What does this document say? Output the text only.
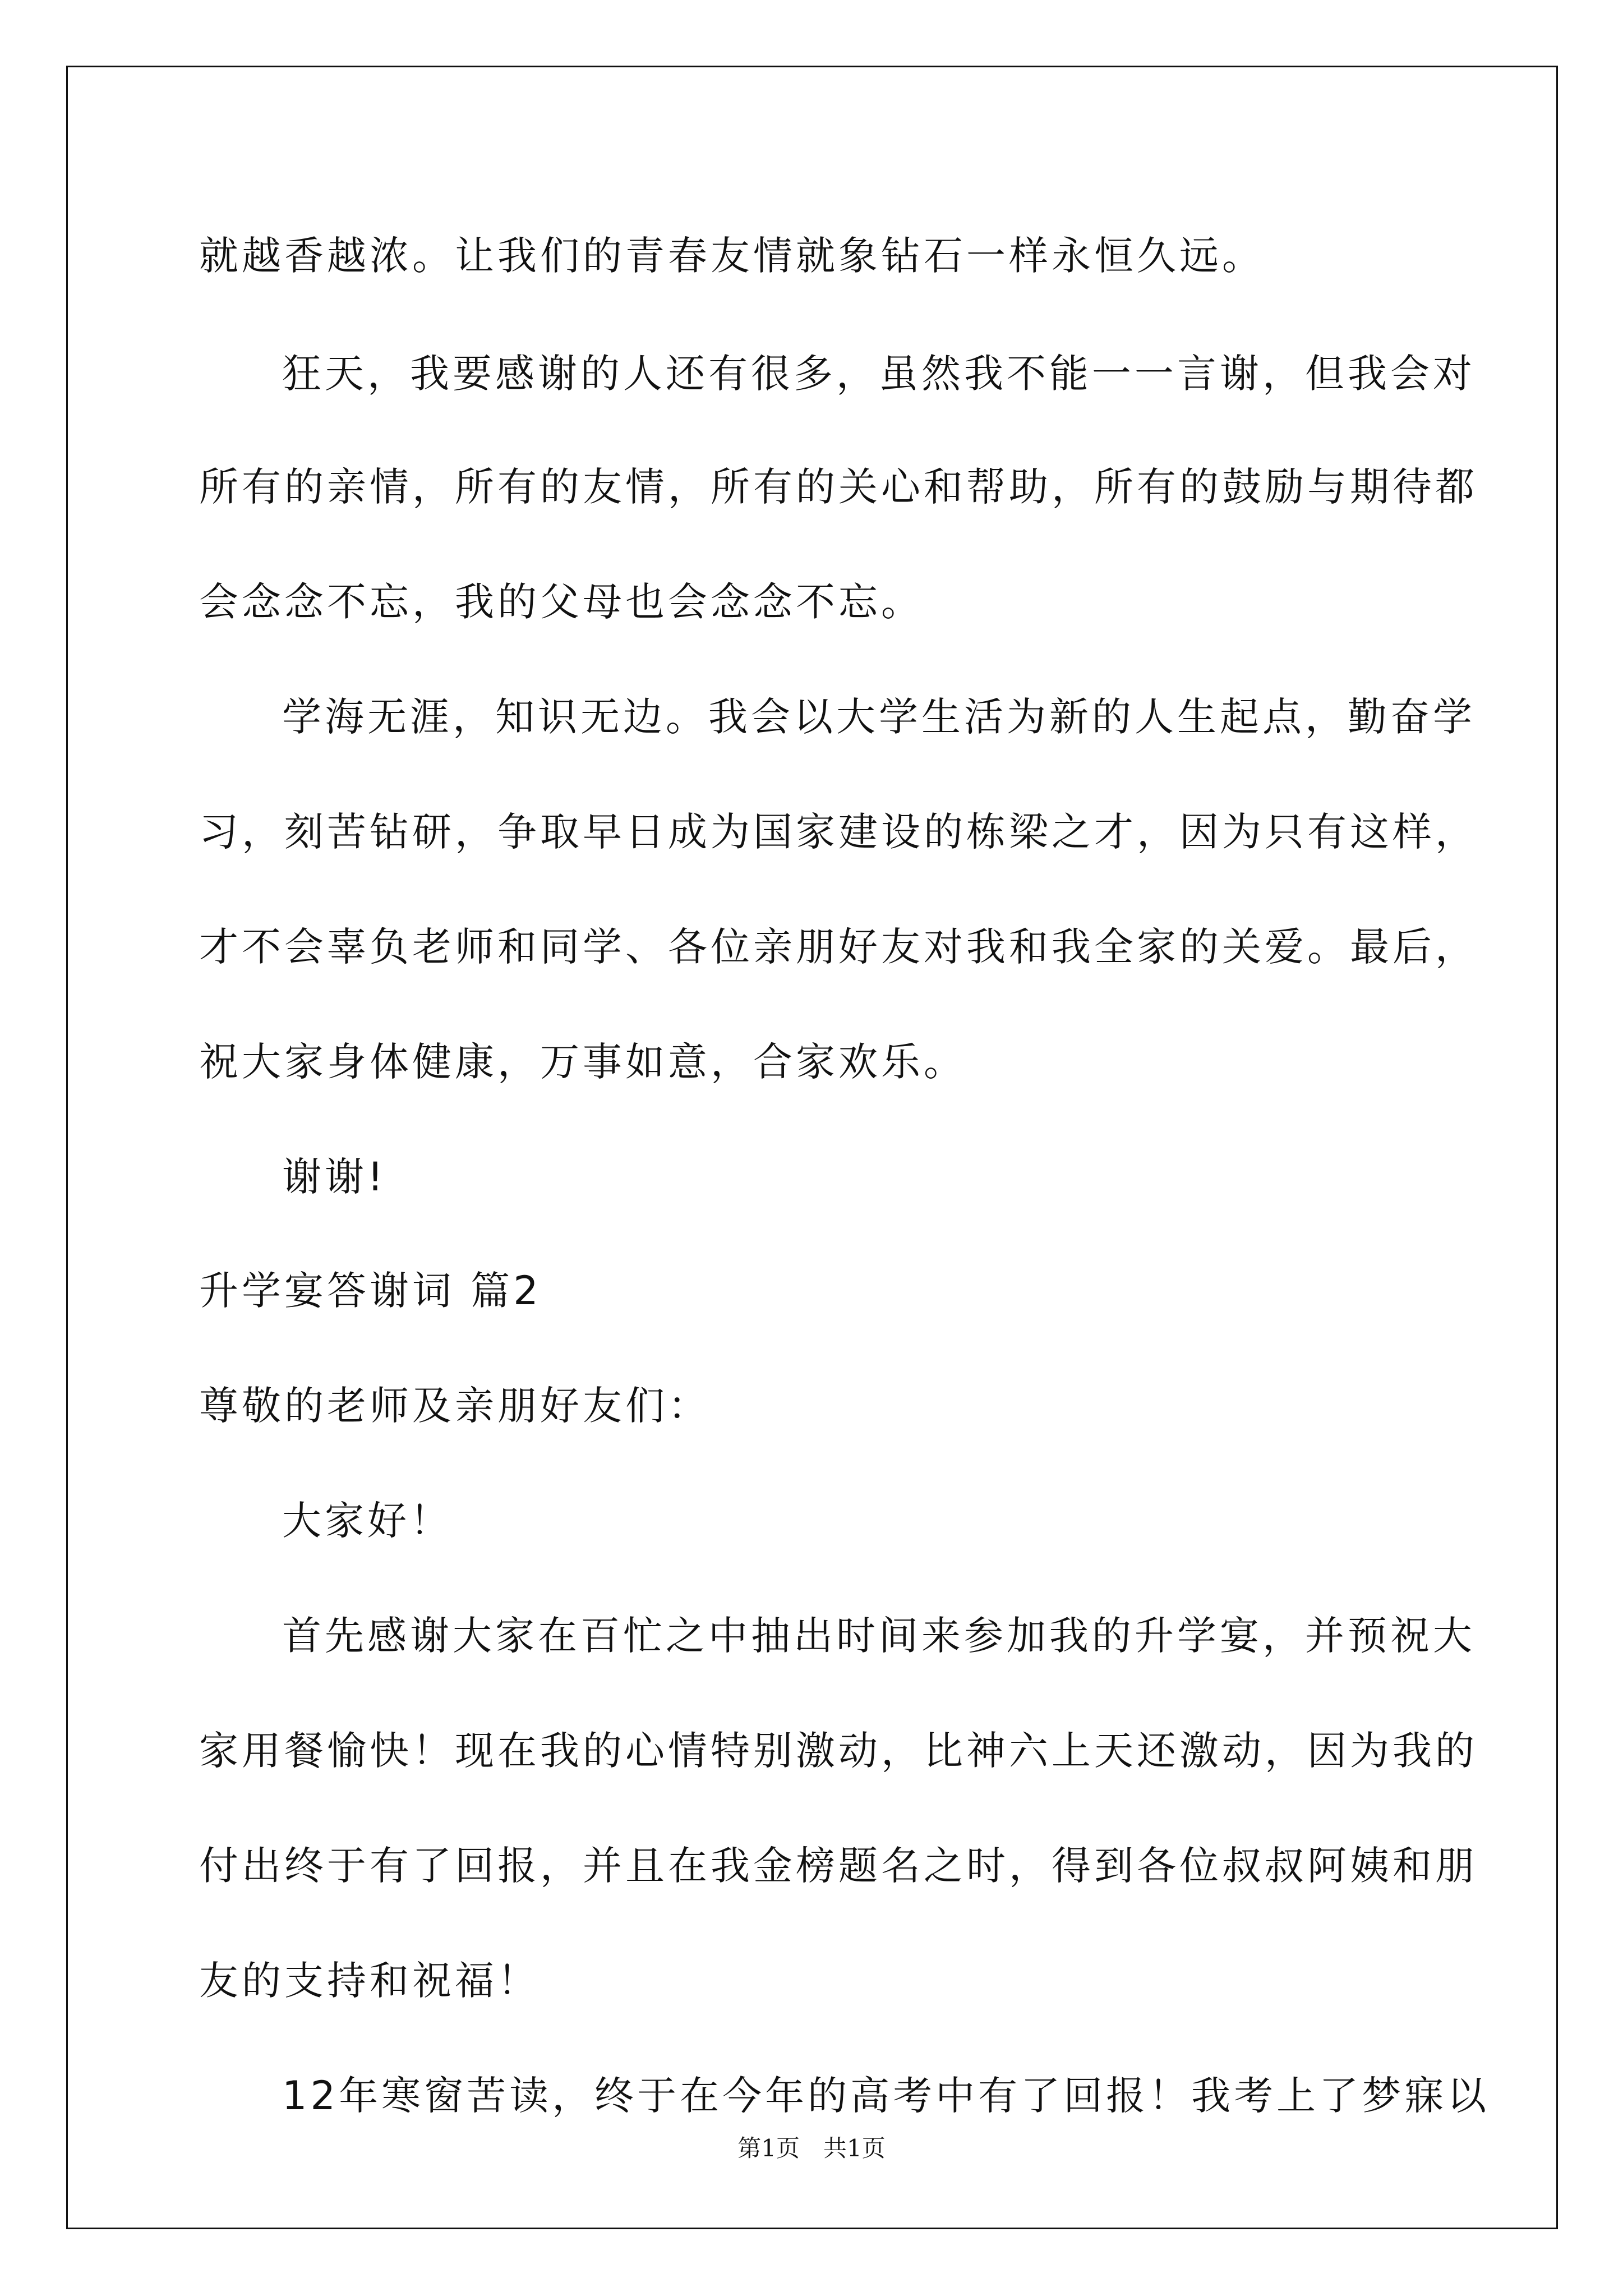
就越香越浓。让我们的青春友情就象钻石一样永恒久远。
狂天，我要感谢的人还有很多，虽然我不能一一言谢，但我会对
所有的亲情，所有的友情，所有的关心和帮助，所有的鼓励与期待都
会念念不忘，我的父母也会念念不忘。
学海无涯，知识无边。我会以大学生活为新的人生起点，勤奋学
习，刻苦钻研，争取早日成为国家建设的栋梁之才，因为只有这样，
才不会辜负老师和同学、各位亲朋好友对我和我全家的关爱。最后，
祝大家身体健康，万事如意，合家欢乐。
谢谢!
升学宴答谢词 篇2
尊敬的老师及亲朋好友们：
大家好！
首先感谢大家在百忙之中抽出时间来参加我的升学宴，并预祝大
家用餐愉快！现在我的心情特别激动，比神六上天还激动，因为我的
付出终于有了回报，并且在我金榜题名之时，得到各位叔叔阿姨和朋
友的支持和祝福！
12年寒窗苦读，终于在今年的高考中有了回报！我考上了梦寐以
第1页　共1页
